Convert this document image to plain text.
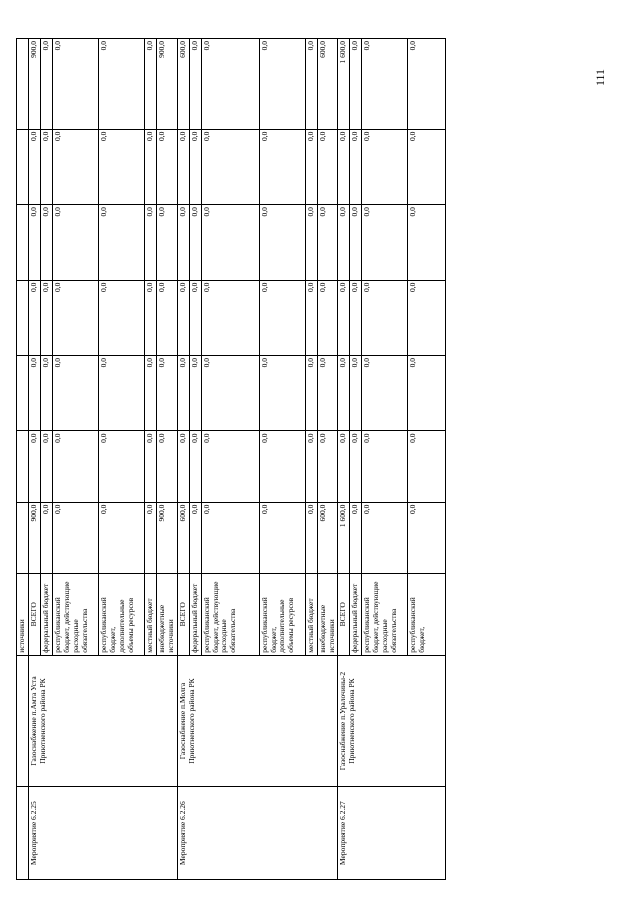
111
		источники							
Мероприятие 6.2.25	Газоснабжение п.Амта Уста Приютненского района РК	ВСЕГО	900,0	0,0	0,0	0,0	0,0	0,0	900,0
		федеральный бюджет	0,0	0,0	0,0	0,0	0,0	0,0	0,0
		республиканский бюджет, действующие расходные обязательства	0,0	0,0	0,0	0,0	0,0	0,0	0,0
		республиканский бюджет, дополнительные объемы ресурсов	0,0	0,0	0,0	0,0	0,0	0,0	0,0
		местный бюджет	0,0	0,0	0,0	0,0	0,0	0,0	0,0
		внебюджетные источники	900,0	0,0	0,0	0,0	0,0	0,0	900,0
Мероприятие 6.2.26	Газоснабжение п.Молга Приютненского района РК	ВСЕГО	600,0	0,0	0,0	0,0	0,0	0,0	600,0
		федеральный бюджет	0,0	0,0	0,0	0,0	0,0	0,0	0,0
		республиканский бюджет, действующие расходные обязательства	0,0	0,0	0,0	0,0	0,0	0,0	0,0
		республиканский бюджет, дополнительные объемы ресурсов	0,0	0,0	0,0	0,0	0,0	0,0	0,0
		местный бюджет	0,0	0,0	0,0	0,0	0,0	0,0	0,0
		внебюджетные источники	600,0	0,0	0,0	0,0	0,0	0,0	600,0
Мероприятие 6.2.27	Газоснабжение п.Уралочины-2 Приютненского района РК	ВСЕГО	1 600,0	0,0	0,0	0,0	0,0	0,0	1 600,0
		федеральный бюджет	0,0	0,0	0,0	0,0	0,0	0,0	0,0
		республиканский бюджет, действующие расходные обязательства	0,0	0,0	0,0	0,0	0,0	0,0	0,0
		республиканский бюджет,	0,0	0,0	0,0	0,0	0,0	0,0	0,0
